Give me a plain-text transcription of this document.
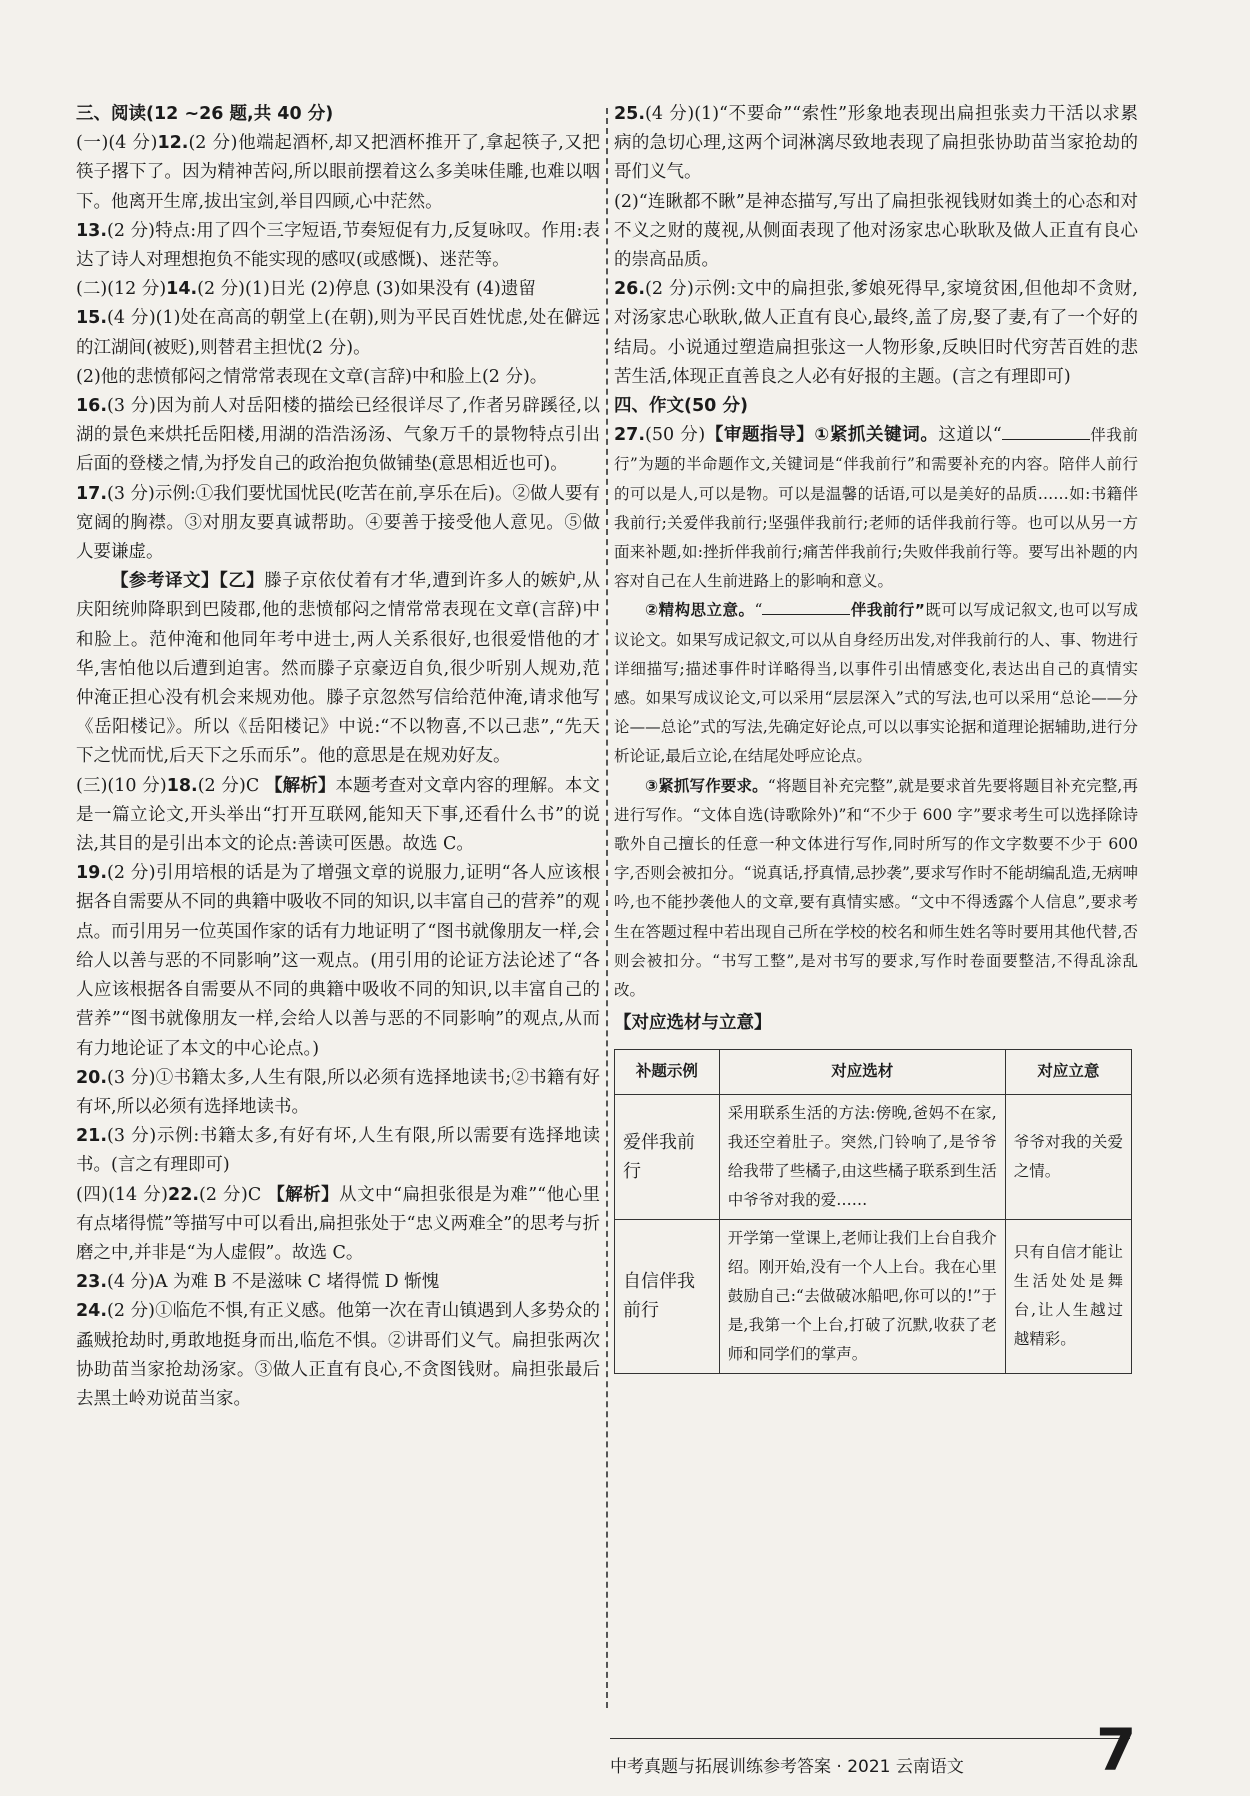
三、阅读(12 ~26 题,共 40 分)

(一)(4 分)12.(2 分)他端起酒杯,却又把酒杯推开了,拿起筷子,又把筷子撂下了。因为精神苦闷,所以眼前摆着这么多美味佳雕,也难以咽下。他离开生席,拔出宝剑,举目四顾,心中茫然。

13.(2 分)特点:用了四个三字短语,节奏短促有力,反复咏叹。作用:表达了诗人对理想抱负不能实现的感叹(或感慨)、迷茫等。

(二)(12 分)14.(2 分)(1)日光 (2)停息 (3)如果没有 (4)遗留

15.(4 分)(1)处在高高的朝堂上(在朝),则为平民百姓忧虑,处在僻远的江湖间(被贬),则替君主担忧(2 分)。

(2)他的悲愤郁闷之情常常表现在文章(言辞)中和脸上(2 分)。

16.(3 分)因为前人对岳阳楼的描绘已经很详尽了,作者另辟蹊径,以湖的景色来烘托岳阳楼,用湖的浩浩汤汤、气象万千的景物特点引出后面的登楼之情,为抒发自己的政治抱负做铺垫(意思相近也可)。

17.(3 分)示例:①我们要忧国忧民(吃苦在前,享乐在后)。②做人要有宽阔的胸襟。③对朋友要真诚帮助。④要善于接受他人意见。⑤做人要谦虚。

【参考译文】【乙】滕子京依仗着有才华,遭到许多人的嫉妒,从庆阳统帅降职到巴陵郡,他的悲愤郁闷之情常常表现在文章(言辞)中和脸上。范仲淹和他同年考中进士,两人关系很好,也很爱惜他的才华,害怕他以后遭到迫害。然而滕子京豪迈自负,很少听别人规劝,范仲淹正担心没有机会来规劝他。滕子京忽然写信给范仲淹,请求他写《岳阳楼记》。所以《岳阳楼记》中说:“不以物喜,不以己悲”,“先天下之忧而忧,后天下之乐而乐”。他的意思是在规劝好友。

(三)(10 分)18.(2 分)C 【解析】本题考查对文章内容的理解。本文是一篇立论文,开头举出“打开互联网,能知天下事,还看什么书”的说法,其目的是引出本文的论点:善读可医愚。故选 C。

19.(2 分)引用培根的话是为了增强文章的说服力,证明“各人应该根据各自需要从不同的典籍中吸收不同的知识,以丰富自己的营养”的观点。而引用另一位英国作家的话有力地证明了“图书就像朋友一样,会给人以善与恶的不同影响”这一观点。(用引用的论证方法论述了“各人应该根据各自需要从不同的典籍中吸收不同的知识,以丰富自己的营养”“图书就像朋友一样,会给人以善与恶的不同影响”的观点,从而有力地论证了本文的中心论点。)

20.(3 分)①书籍太多,人生有限,所以必须有选择地读书;②书籍有好有坏,所以必须有选择地读书。

21.(3 分)示例:书籍太多,有好有坏,人生有限,所以需要有选择地读书。(言之有理即可)

(四)(14 分)22.(2 分)C 【解析】从文中“扁担张很是为难”“他心里有点堵得慌”等描写中可以看出,扁担张处于“忠义两难全”的思考与折磨之中,并非是“为人虚假”。故选 C。

23.(4 分)A 为难 B 不是滋味 C 堵得慌 D 惭愧

24.(2 分)①临危不惧,有正义感。他第一次在青山镇遇到人多势众的蟊贼抢劫时,勇敢地挺身而出,临危不惧。②讲哥们义气。扁担张两次协助苗当家抢劫汤家。③做人正直有良心,不贪图钱财。扁担张最后去黑土岭劝说苗当家。

25.(4 分)(1)“不要命”“索性”形象地表现出扁担张卖力干活以求累病的急切心理,这两个词淋漓尽致地表现了扁担张协助苗当家抢劫的哥们义气。

(2)“连瞅都不瞅”是神态描写,写出了扁担张视钱财如粪土的心态和对不义之财的蔑视,从侧面表现了他对汤家忠心耿耿及做人正直有良心的崇高品质。

26.(2 分)示例:文中的扁担张,爹娘死得早,家境贫困,但他却不贪财,对汤家忠心耿耿,做人正直有良心,最终,盖了房,娶了妻,有了一个好的结局。小说通过塑造扁担张这一人物形象,反映旧时代穷苦百姓的悲苦生活,体现正直善良之人必有好报的主题。(言之有理即可)

四、作文(50 分)

27.(50 分)【审题指导】①紧抓关键词。这道以“	伴我前行”为题的半命题作文,关键词是“伴我前行”和需要补充的内容。陪伴人前行的可以是人,可以是物。可以是温馨的话语,可以是美好的品质……如:书籍伴我前行;关爱伴我前行;坚强伴我前行;老师的话伴我前行等。也可以从另一方面来补题,如:挫折伴我前行;痛苦伴我前行;失败伴我前行等。要写出补题的内容对自己在人生前进路上的影响和意义。

②精构思立意。“	伴我前行”既可以写成记叙文,也可以写成议论文。如果写成记叙文,可以从自身经历出发,对伴我前行的人、事、物进行详细描写;描述事件时详略得当,以事件引出情感变化,表达出自己的真情实感。如果写成议论文,可以采用“层层深入”式的写法,也可以采用“总论——分论——总论”式的写法,先确定好论点,可以以事实论据和道理论据辅助,进行分析论证,最后立论,在结尾处呼应论点。

③紧抓写作要求。“将题目补充完整”,就是要求首先要将题目补充完整,再进行写作。“文体自选(诗歌除外)”和“不少于 600 字”要求考生可以选择除诗歌外自己擅长的任意一种文体进行写作,同时所写的作文字数要不少于 600 字,否则会被扣分。“说真话,抒真情,忌抄袭”,要求写作时不能胡编乱造,无病呻吟,也不能抄袭他人的文章,要有真情实感。“文中不得透露个人信息”,要求考生在答题过程中若出现自己所在学校的校名和师生姓名等时要用其他代替,否则会被扣分。“书写工整”,是对书写的要求,写作时卷面要整洁,不得乱涂乱改。

【对应选材与立意】

补题示例	对应选材	对应立意
爱伴我前行	采用联系生活的方法:傍晚,爸妈不在家,我还空着肚子。突然,门铃响了,是爷爷给我带了些橘子,由这些橘子联系到生活中爷爷对我的爱……	爷爷对我的关爱之情。
自信伴我前行	开学第一堂课上,老师让我们上台自我介绍。刚开始,没有一个人上台。我在心里鼓励自己:“去做破冰船吧,你可以的!”于是,我第一个上台,打破了沉默,收获了老师和同学们的掌声。	只有自信才能让生活处处是舞台,让人生越过越精彩。
中考真题与拓展训练参考答案 · 2021 云南语文 7
